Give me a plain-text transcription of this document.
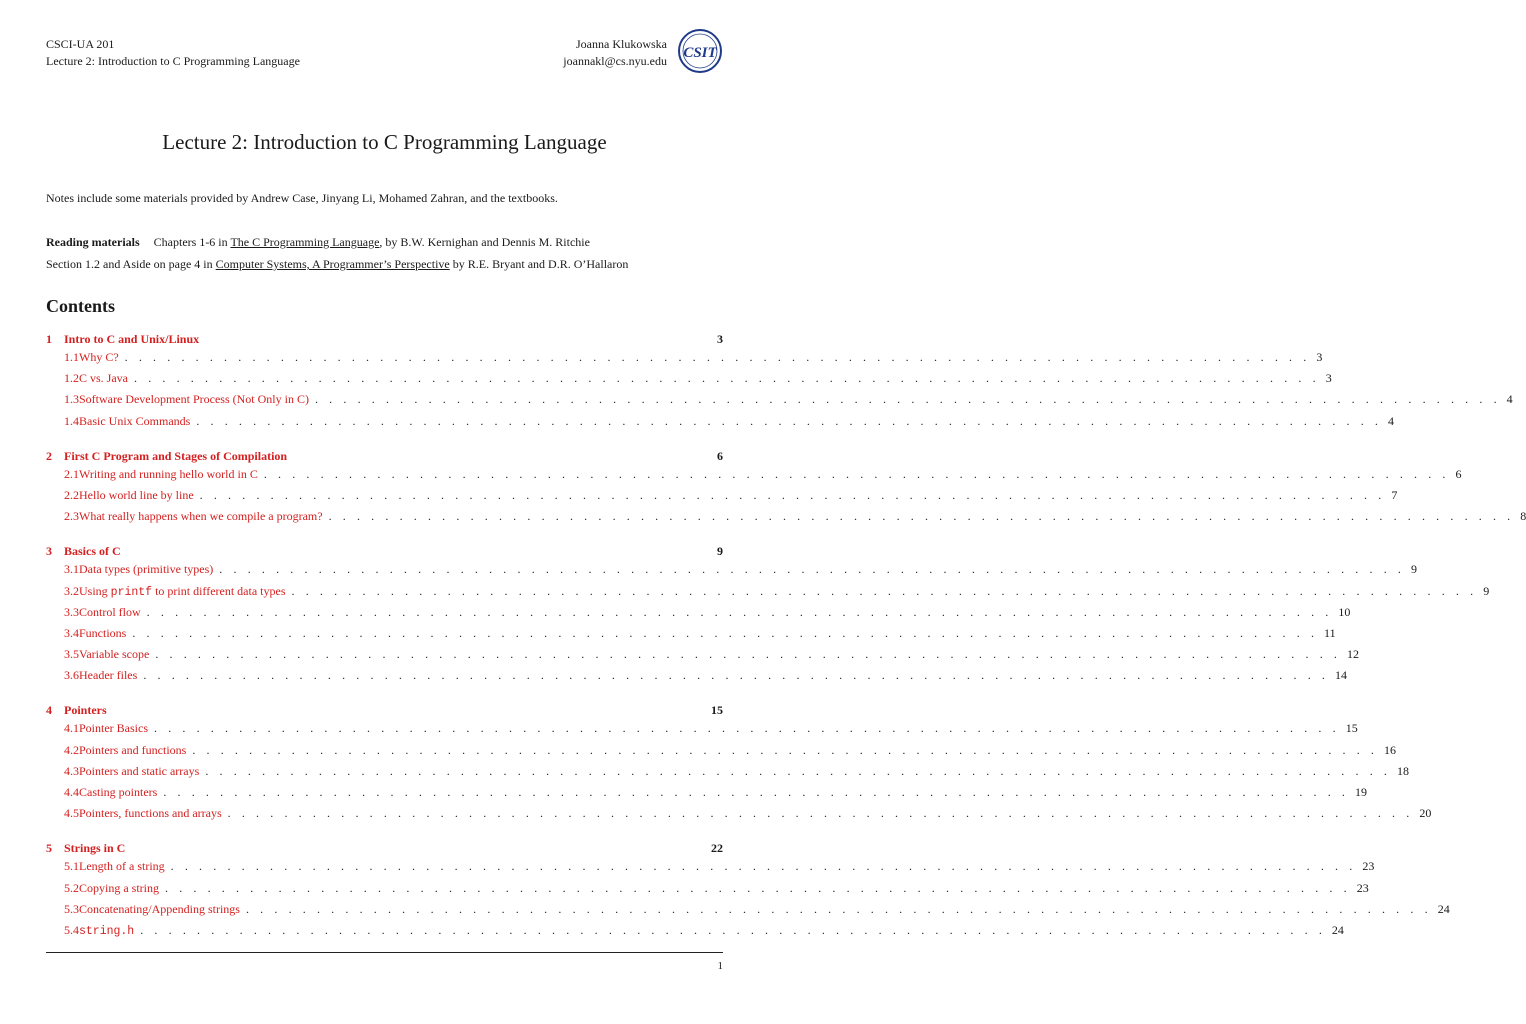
CSCI-UA 201
Lecture 2: Introduction to C Programming Language
Joanna Klukowska
joannakl@cs.nyu.edu CSIT
Lecture 2: Introduction to C Programming Language
Notes include some materials provided by Andrew Case, Jinyang Li, Mohamed Zahran, and the textbooks.
Reading materials Chapters 1-6 in The C Programming Language, by B.W. Kernighan and Dennis M. Ritchie
Section 1.2 and Aside on page 4 in Computer Systems, A Programmer’s Perspective by R.E. Bryant and D.R. O’Hallaron
Contents
1	Intro to C and Unix/Linux	3
1.1 Why C? . . . . . . . . . . . . . . . . . . . . . . . . . . . . . . . . . . . . . . . . . . . . . . . . . . . . . . . . . . . . . . . . . . . . . . . . . . . . . . . . . . . . 3
1.2 C vs. Java . . . . . . . . . . . . . . . . . . . . . . . . . . . . . . . . . . . . . . . . . . . . . . . . . . . . . . . . . . . . . . . . . . . . . . . . . . . . . . . . . . . . 3
1.3 Software Development Process (Not Only in C) . . . . . . . . . . . . . . . . . . . . . . . . . . . . . . . . . . . . . . . . . . . . . . . . . . . . . . . . . . . . . . . . . . . . . . . . . . . . . . . . . . . . 4
1.4 Basic Unix Commands . . . . . . . . . . . . . . . . . . . . . . . . . . . . . . . . . . . . . . . . . . . . . . . . . . . . . . . . . . . . . . . . . . . . . . . . . . . . . . . . . . . . 4
2	First C Program and Stages of Compilation	6
2.1 Writing and running hello world in C . . . . . . . . . . . . . . . . . . . . . . . . . . . . . . . . . . . . . . . . . . . . . . . . . . . . . . . . . . . . . . . . . . . . . . . . . . . . . . . . . . . . 6
2.2 Hello world line by line . . . . . . . . . . . . . . . . . . . . . . . . . . . . . . . . . . . . . . . . . . . . . . . . . . . . . . . . . . . . . . . . . . . . . . . . . . . . . . . . . . . . 7
2.3 What really happens when we compile a program? . . . . . . . . . . . . . . . . . . . . . . . . . . . . . . . . . . . . . . . . . . . . . . . . . . . . . . . . . . . . . . . . . . . . . . . . . . . . . . . . . . . . 8
3	Basics of C	9
3.1 Data types (primitive types) . . . . . . . . . . . . . . . . . . . . . . . . . . . . . . . . . . . . . . . . . . . . . . . . . . . . . . . . . . . . . . . . . . . . . . . . . . . . . . . . . . . . 9
3.2 Using printf to print different data types . . . . . . . . . . . . . . . . . . . . . . . . . . . . . . . . . . . . . . . . . . . . . . . . . . . . . . . . . . . . . . . . . . . . . . . . . . . . . . . . . . . . 9
3.3 Control flow . . . . . . . . . . . . . . . . . . . . . . . . . . . . . . . . . . . . . . . . . . . . . . . . . . . . . . . . . . . . . . . . . . . . . . . . . . . . . . . . . . . . 10
3.4 Functions . . . . . . . . . . . . . . . . . . . . . . . . . . . . . . . . . . . . . . . . . . . . . . . . . . . . . . . . . . . . . . . . . . . . . . . . . . . . . . . . . . . . 11
3.5 Variable scope . . . . . . . . . . . . . . . . . . . . . . . . . . . . . . . . . . . . . . . . . . . . . . . . . . . . . . . . . . . . . . . . . . . . . . . . . . . . . . . . . . . . 12
3.6 Header files . . . . . . . . . . . . . . . . . . . . . . . . . . . . . . . . . . . . . . . . . . . . . . . . . . . . . . . . . . . . . . . . . . . . . . . . . . . . . . . . . . . . 14
4	Pointers	15
4.1 Pointer Basics . . . . . . . . . . . . . . . . . . . . . . . . . . . . . . . . . . . . . . . . . . . . . . . . . . . . . . . . . . . . . . . . . . . . . . . . . . . . . . . . . . . . 15
4.2 Pointers and functions . . . . . . . . . . . . . . . . . . . . . . . . . . . . . . . . . . . . . . . . . . . . . . . . . . . . . . . . . . . . . . . . . . . . . . . . . . . . . . . . . . . . 16
4.3 Pointers and static arrays . . . . . . . . . . . . . . . . . . . . . . . . . . . . . . . . . . . . . . . . . . . . . . . . . . . . . . . . . . . . . . . . . . . . . . . . . . . . . . . . . . . . 18
4.4 Casting pointers . . . . . . . . . . . . . . . . . . . . . . . . . . . . . . . . . . . . . . . . . . . . . . . . . . . . . . . . . . . . . . . . . . . . . . . . . . . . . . . . . . . . 19
4.5 Pointers, functions and arrays . . . . . . . . . . . . . . . . . . . . . . . . . . . . . . . . . . . . . . . . . . . . . . . . . . . . . . . . . . . . . . . . . . . . . . . . . . . . . . . . . . . . 20
5	Strings in C	22
5.1 Length of a string . . . . . . . . . . . . . . . . . . . . . . . . . . . . . . . . . . . . . . . . . . . . . . . . . . . . . . . . . . . . . . . . . . . . . . . . . . . . . . . . . . . . 23
5.2 Copying a string . . . . . . . . . . . . . . . . . . . . . . . . . . . . . . . . . . . . . . . . . . . . . . . . . . . . . . . . . . . . . . . . . . . . . . . . . . . . . . . . . . . . 23
5.3 Concatenating/Appending strings . . . . . . . . . . . . . . . . . . . . . . . . . . . . . . . . . . . . . . . . . . . . . . . . . . . . . . . . . . . . . . . . . . . . . . . . . . . . . . . . . . . . 24
5.4 string.h . . . . . . . . . . . . . . . . . . . . . . . . . . . . . . . . . . . . . . . . . . . . . . . . . . . . . . . . . . . . . . . . . . . . . . . . . . . . . . . . . . . . 24
1
